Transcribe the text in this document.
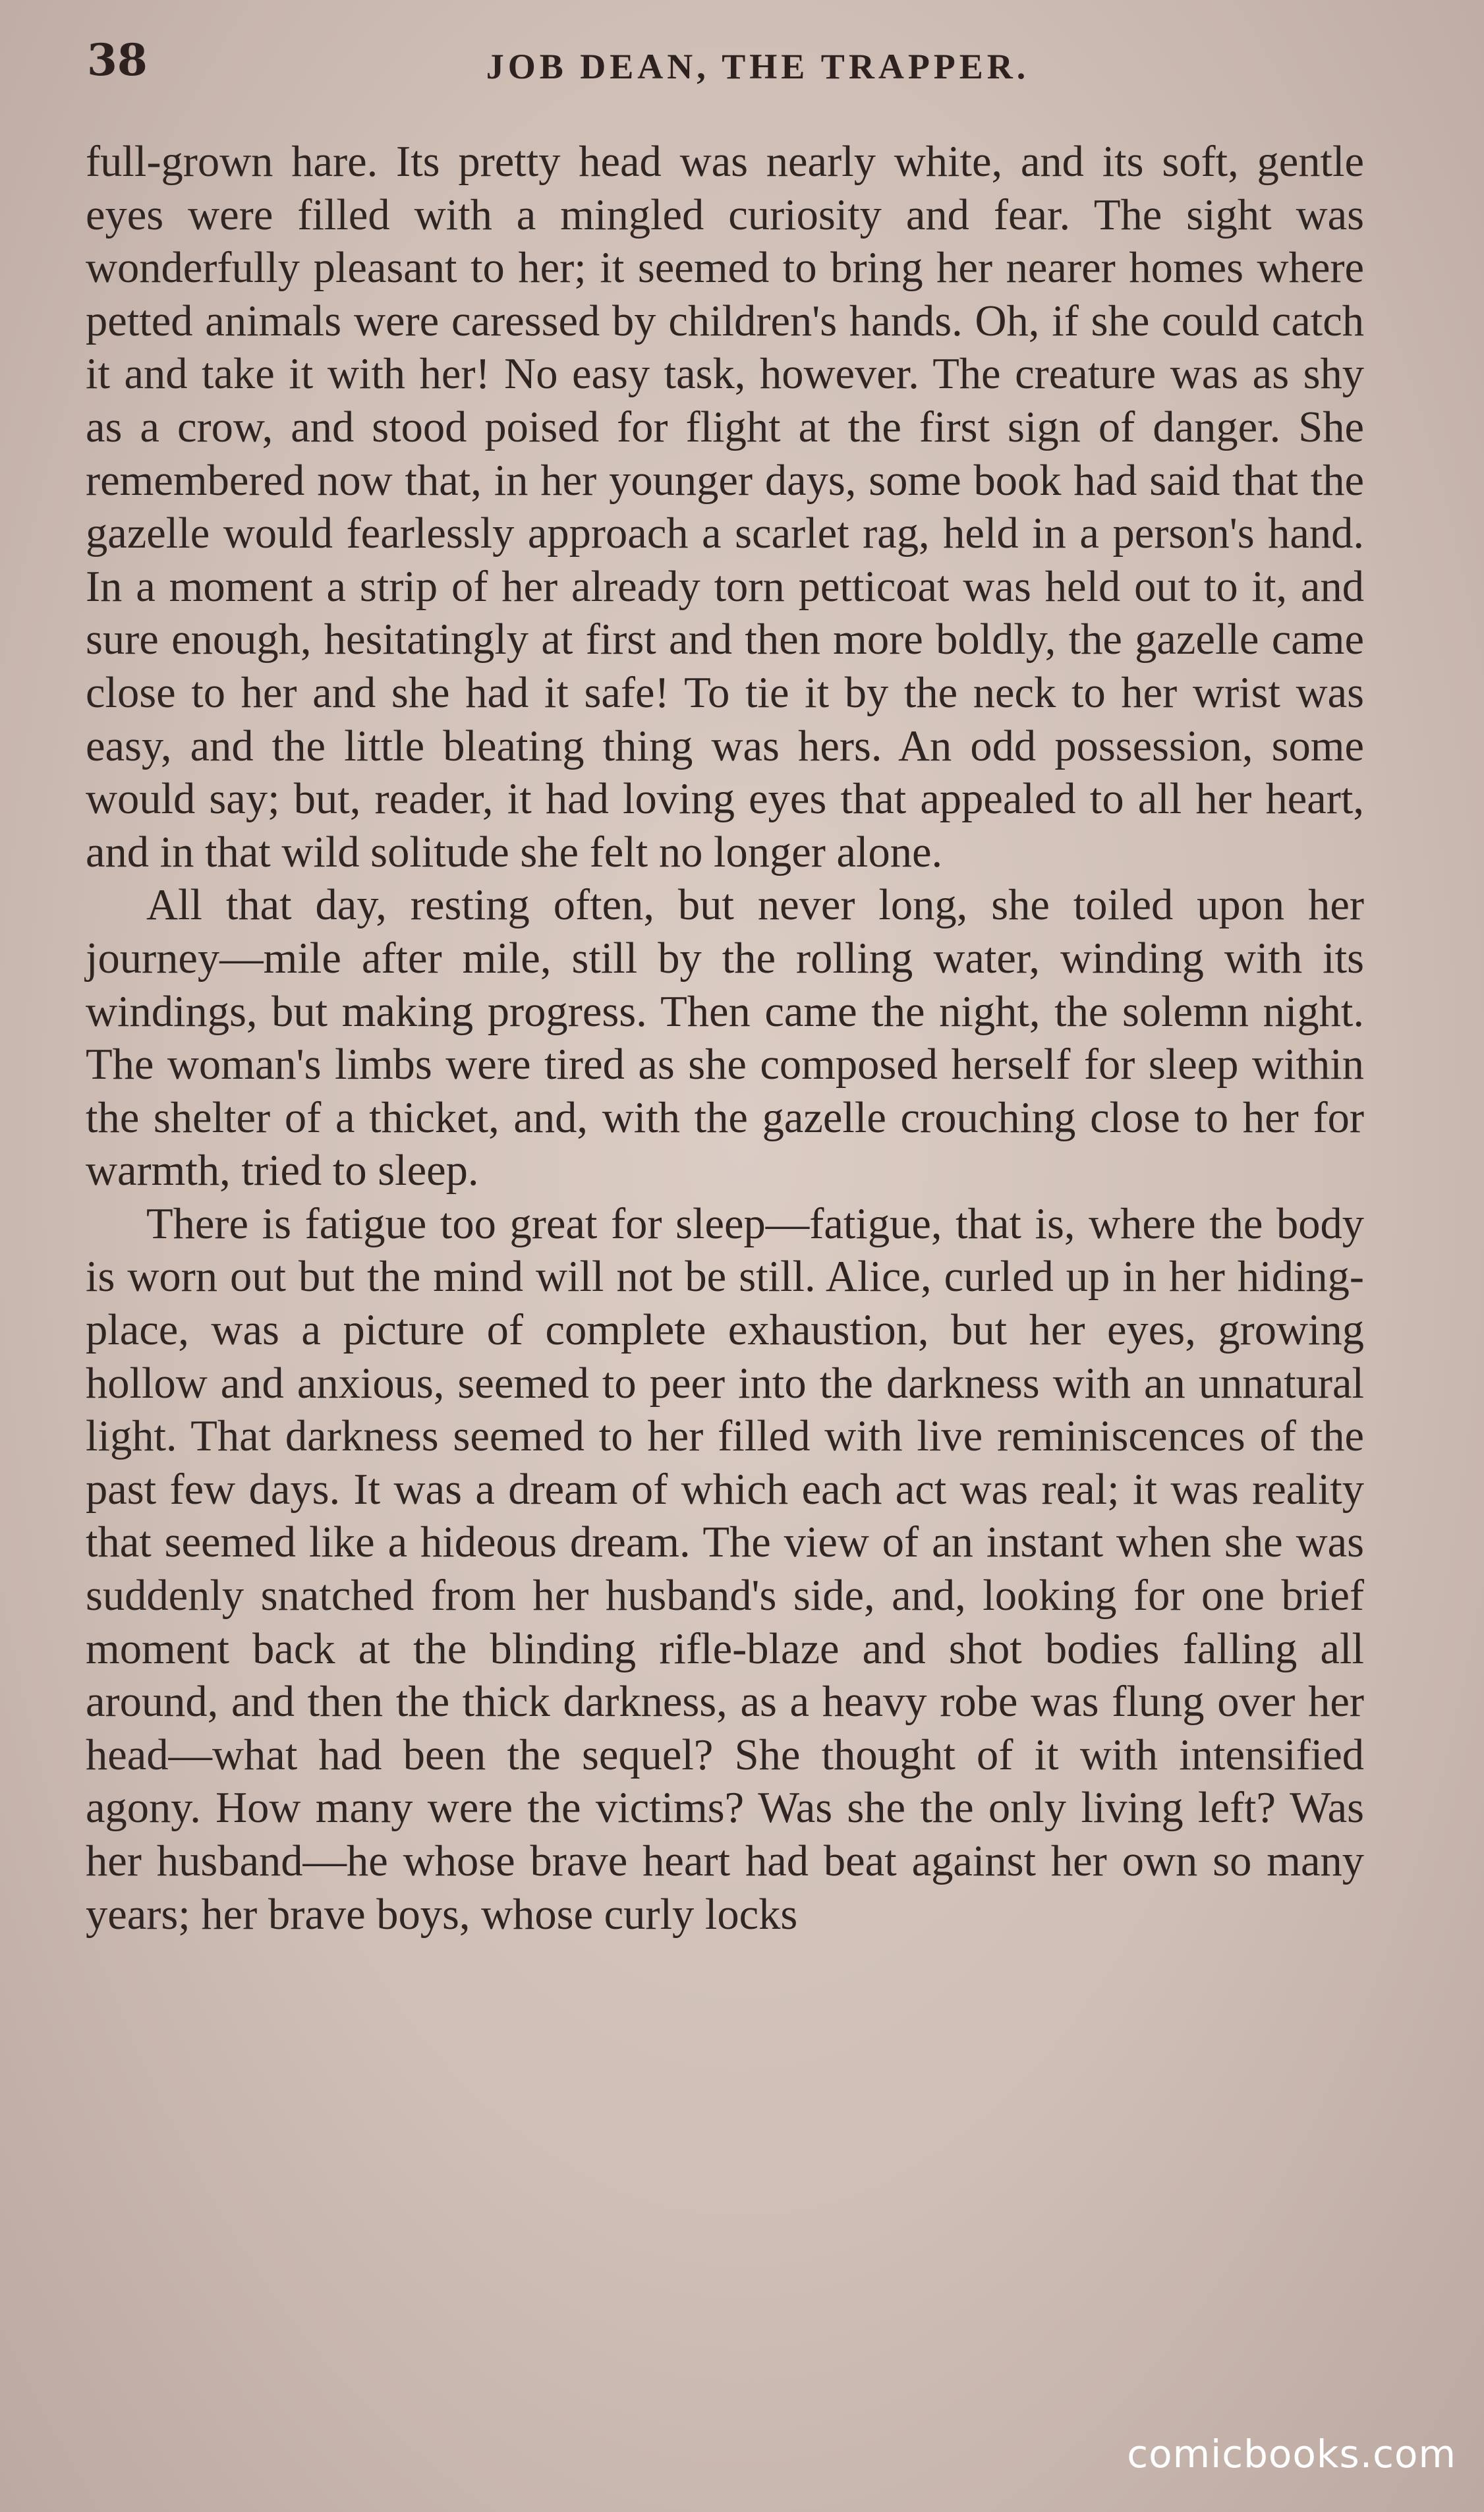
38	JOB DEAN, THE TRAPPER.

full-grown hare. Its pretty head was nearly white, and its soft, gentle eyes were filled with a mingled curiosity and fear. The sight was wonderfully pleasant to her; it seemed to bring her nearer homes where petted animals were caressed by children's hands. Oh, if she could catch it and take it with her! No easy task, however. The creature was as shy as a crow, and stood poised for flight at the first sign of danger. She remembered now that, in her younger days, some book had said that the gazelle would fearlessly approach a scarlet rag, held in a person's hand. In a moment a strip of her already torn petticoat was held out to it, and sure enough, hesitatingly at first and then more boldly, the gazelle came close to her and she had it safe! To tie it by the neck to her wrist was easy, and the little bleating thing was hers. An odd possession, some would say; but, reader, it had loving eyes that appealed to all her heart, and in that wild solitude she felt no longer alone.

All that day, resting often, but never long, she toiled upon her journey—mile after mile, still by the rolling water, winding with its windings, but making progress. Then came the night, the solemn night. The woman's limbs were tired as she composed herself for sleep within the shelter of a thicket, and, with the gazelle crouching close to her for warmth, tried to sleep.

There is fatigue too great for sleep—fatigue, that is, where the body is worn out but the mind will not be still. Alice, curled up in her hiding-place, was a picture of complete exhaustion, but her eyes, growing hollow and anxious, seemed to peer into the darkness with an unnatural light. That darkness seemed to her filled with live reminiscences of the past few days. It was a dream of which each act was real; it was reality that seemed like a hideous dream. The view of an instant when she was suddenly snatched from her husband's side, and, looking for one brief moment back at the blinding rifle-blaze and shot bodies falling all around, and then the thick darkness, as a heavy robe was flung over her head—what had been the sequel? She thought of it with intensified agony. How many were the victims? Was she the only living left? Was her husband—he whose brave heart had beat against her own so many years; her brave boys, whose curly locks

comicbooks.com
